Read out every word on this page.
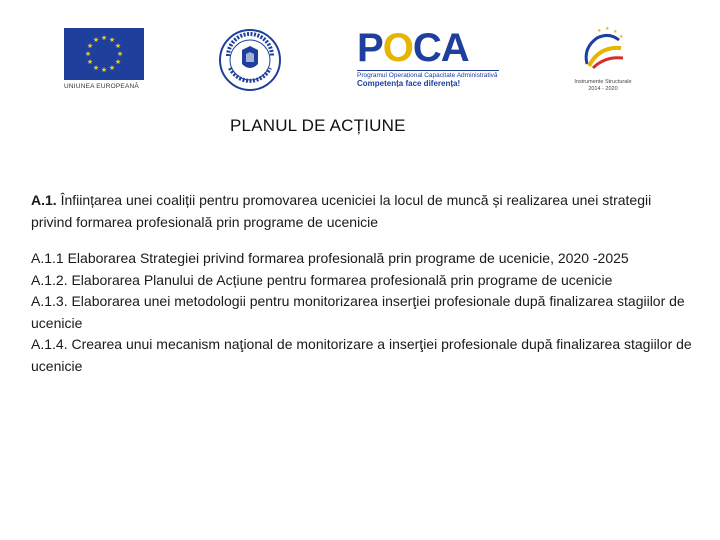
★ ★
★
★
★
★
★
★
★
★
★
★
UNIUNEA EUROPEANĂ
POCA
Programul Operațional Capacitate Administrativă
Competența face diferența!
★ ★ ★
★
Instrumente Structurale
2014 - 2020
PLANUL DE ACȚIUNE

A.1. Înființarea unei coaliții pentru promovarea uceniciei la locul de muncă și realizarea unei strategii privind formarea profesională prin programe de ucenicie

A.1.1 Elaborarea Strategiei privind formarea profesională prin programe de ucenicie, 2020 -2025

A.1.2. Elaborarea Planului de Acțiune pentru formarea profesională prin programe de ucenicie

A.1.3. Elaborarea unei metodologii pentru monitorizarea inserţiei profesionale după finalizarea stagiilor de ucenicie

A.1.4. Crearea unui mecanism naţional de monitorizare a inserţiei profesionale după finalizarea stagiilor de ucenicie
